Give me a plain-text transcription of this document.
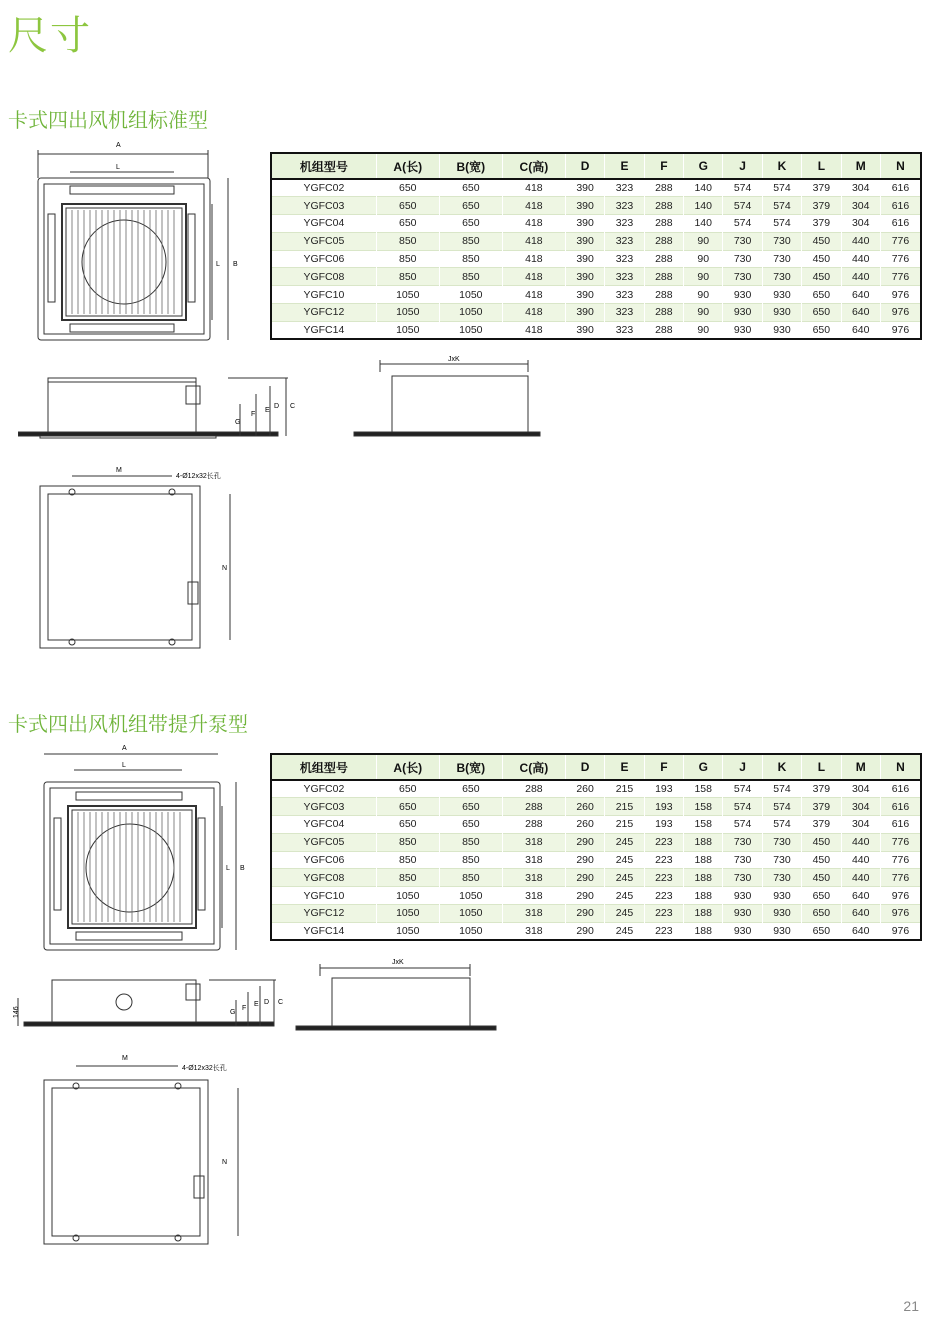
尺寸
卡式四出风机组标准型
卡式四出风机组带提升泵型
机组型号	A(长)	B(宽)	C(高)	D	E	F	G	J	K	L	M	N
YGFC02	650	650	418	390	323	288	140	574	574	379	304	616
YGFC03	650	650	418	390	323	288	140	574	574	379	304	616
YGFC04	650	650	418	390	323	288	140	574	574	379	304	616
YGFC05	850	850	418	390	323	288	90	730	730	450	440	776
YGFC06	850	850	418	390	323	288	90	730	730	450	440	776
YGFC08	850	850	418	390	323	288	90	730	730	450	440	776
YGFC10	1050	1050	418	390	323	288	90	930	930	650	640	976
YGFC12	1050	1050	418	390	323	288	90	930	930	650	640	976
YGFC14	1050	1050	418	390	323	288	90	930	930	650	640	976
机组型号	A(长)	B(宽)	C(高)	D	E	F	G	J	K	L	M	N
YGFC02	650	650	288	260	215	193	158	574	574	379	304	616
YGFC03	650	650	288	260	215	193	158	574	574	379	304	616
YGFC04	650	650	288	260	215	193	158	574	574	379	304	616
YGFC05	850	850	318	290	245	223	188	730	730	450	440	776
YGFC06	850	850	318	290	245	223	188	730	730	450	440	776
YGFC08	850	850	318	290	245	223	188	730	730	450	440	776
YGFC10	1050	1050	318	290	245	223	188	930	930	650	640	976
YGFC12	1050	1050	318	290	245	223	188	930	930	650	640	976
YGFC14	1050	1050	318	290	245	223	188	930	930	650	640	976
A
L
B
L
G
F
E
D C
JxK
M
4-Ø12x32长孔
N
A
L
B
L
146	G
F
E D C
JxK
M
4-Ø12x32长孔
N
21
